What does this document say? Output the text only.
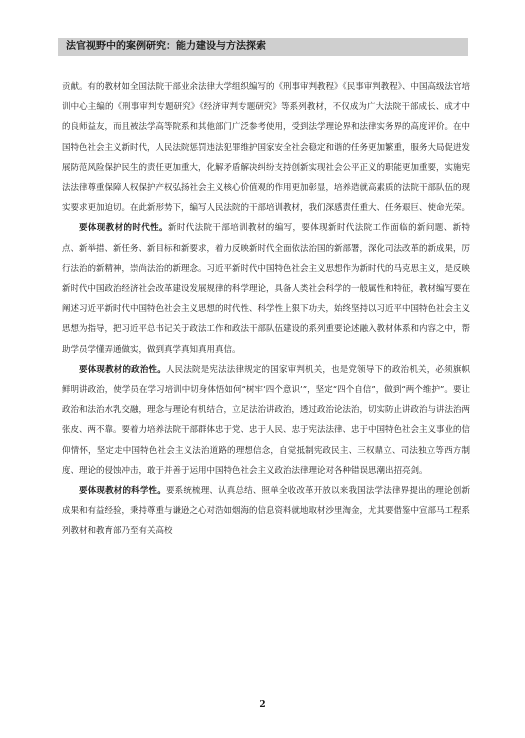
法官视野中的案例研究：能力建设与方法探索

贡献。有的教材如全国法院干部业余法律大学组织编写的《刑事审判教程》《民事审判教程》、中国高级法官培训中心主编的《刑事审判专题研究》《经济审判专题研究》等系列教材，不仅成为广大法院干部成长、成才中的良师益友，而且被法学高等院系和其他部门广泛参考使用，受到法学理论界和法律实务界的高度评价。在中国特色社会主义新时代，人民法院惩罚违法犯罪维护国家安全社会稳定和谐的任务更加繁重，服务大局促进发展防范风险保护民生的责任更加重大，化解矛盾解决纠纷支持创新实现社会公平正义的职能更加重要，实施宪法法律尊重保障人权保护产权弘扬社会主义核心价值观的作用更加彰显，培养造就高素质的法院干部队伍的现实要求更加迫切。在此新形势下，编写人民法院的干部培训教材，我们深感责任重大、任务艰巨、使命光荣。

要体现教材的时代性。新时代法院干部培训教材的编写，要体现新时代法院工作面临的新问题、新特点、新举措、新任务、新目标和新要求，着力反映新时代全面依法治国的新部署，深化司法改革的新成果，厉行法治的新精神，崇尚法治的新理念。习近平新时代中国特色社会主义思想作为新时代的马克思主义，是反映新时代中国政治经济社会改革建设发展规律的科学理论，具备人类社会科学的一般属性和特征，教材编写要在阐述习近平新时代中国特色社会主义思想的时代性、科学性上狠下功夫，始终坚持以习近平中国特色社会主义思想为指导，把习近平总书记关于政法工作和政法干部队伍建设的系列重要论述融入教材体系和内容之中，帮助学员学懂弄通做实，做到真学真知真用真信。

要体现教材的政治性。人民法院是宪法法律规定的国家审判机关，也是党领导下的政治机关，必须旗帜鲜明讲政治，使学员在学习培训中切身体悟如何“树牢‘四个意识’”，坚定“四个自信”，做到“两个维护”。要让政治和法治水乳交融，理念与理论有机结合，立足法治讲政治，透过政治论法治，切实防止讲政治与讲法治两张皮、两不靠。要着力培养法院干部群体忠于党、忠于人民、忠于宪法法律、忠于中国特色社会主义事业的信仰情怀，坚定走中国特色社会主义法治道路的理想信念，自觉抵制宪政民主、三权鼎立、司法独立等西方制度、理论的侵蚀冲击，敢于并善于运用中国特色社会主义政治法律理论对各种错误思潮出招亮剑。

要体现教材的科学性。要系统梳理、认真总结、照单全收改革开放以来我国法学法律界提出的理论创新成果和有益经验，秉持尊重与谦逊之心对浩如烟海的信息资料就地取材沙里淘金，尤其要借鉴中宣部马工程系列教材和教育部乃至有关高校

2
